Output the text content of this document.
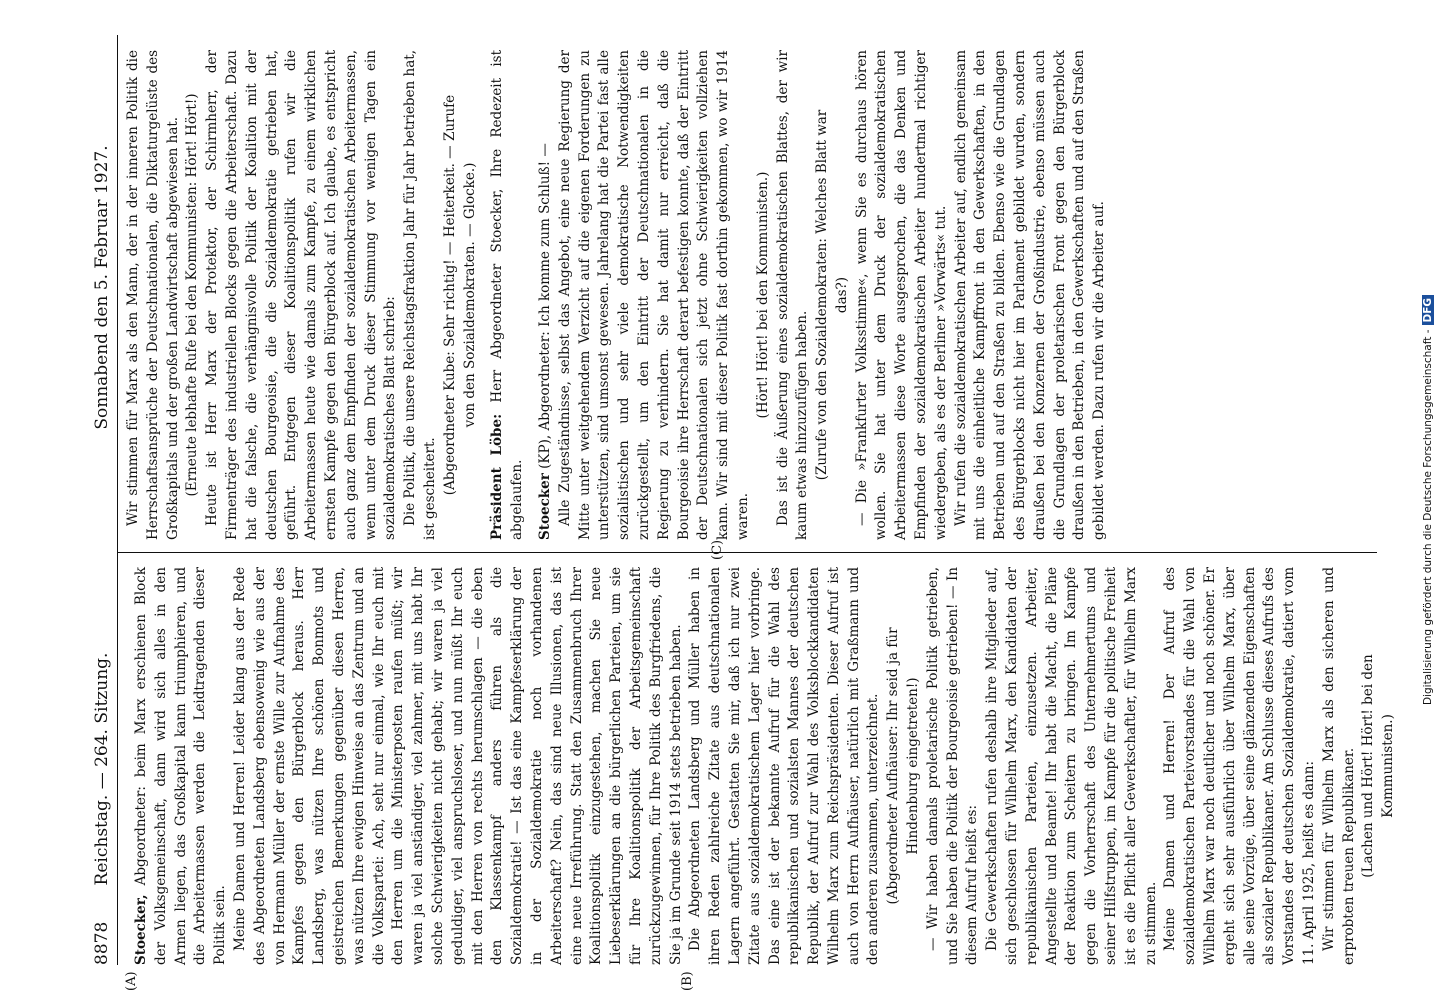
8878
Reichstag. — 264. Sitzung.
Sonnabend den 5. Februar 1927.
(A)	(B)
(C)

Stoecker, Abgeordneter: beim Marx erschienen Block der Volksgemeinschaft, dann wird sich alles in den Armen liegen, das Großkapital kann triumphieren, und die Arbeitermassen werden die Leidtragenden dieser Politik sein. Meine Damen und Herren! Leider klang aus der Rede des Abgeordneten Landsberg ebensowenig wie aus der von Hermann Müller der ernste Wille zur Aufnahme des Kampfes gegen den Bürgerblock heraus. Herr Landsberg, was nützen Ihre schönen Bonmots und geistreichen Bemerkungen gegenüber diesen Herren, was nützen Ihre ewigen Hinweise an das Zentrum und an die Volkspartei: Ach, seht nur einmal, wie Ihr euch mit den Herren um die Ministerposten raufen müßt; wir waren ja viel anständiger, viel zahmer, mit uns habt Ihr solche Schwierigkeiten nicht gehabt; wir waren ja viel geduldiger, viel anspruchsloser, und nun müßt Ihr euch mit den Herren von rechts herumschlagen — die eben den Klassenkampf anders führen als die Sozialdemokratie! — Ist das eine Kampfeserklärung der in der Sozialdemokratie noch vorhandenen Arbeiterschaft? Nein, das sind neue Illusionen, das ist eine neue Irreführung. Statt den Zusammenbruch Ihrer Koalitionspolitik einzugestehen, machen Sie neue Liebeserklärungen an die bürgerlichen Parteien, um sie für Ihre Koalitionspolitik der Arbeitsgemeinschaft zurückzugewinnen, für Ihre Politik des Burgfriedens, die Sie ja im Grunde seit 1914 stets betrieben haben. Die Abgeordneten Landsberg und Müller haben in ihren Reden zahlreiche Zitate aus deutschnationalen Lagern angeführt. Gestatten Sie mir, daß ich nur zwei Zitate aus sozialdemokratischem Lager hier vorbringe. Das eine ist der bekannte Aufruf für die Wahl des republikanischen und sozialsten Mannes der deutschen Republik, der Aufruf zur Wahl des Volksblockkandidaten Wilhelm Marx zum Reichspräsidenten. Dieser Aufruf ist auch von Herrn Aufhäuser, natürlich mit Graßmann und den anderen zusammen, unterzeichnet. (Abgeordneter Aufhäuser: Ihr seid ja für Hindenburg eingetreten!) — Wir haben damals proletarische Politik getrieben, und Sie haben die Politik der Bourgeoisie getrieben! — In diesem Aufruf heißt es: Die Gewerkschaften rufen deshalb ihre Mitglieder auf, sich geschlossen für Wilhelm Marx, den Kandidaten der republikanischen Parteien, einzusetzen. Arbeiter, Angestellte und Beamte! Ihr habt die Macht, die Pläne der Reaktion zum Scheitern zu bringen. Im Kampfe gegen die Vorherrschaft des Unternehmertums und seiner Hilfstruppen, im Kampfe für die politische Freiheit ist es die Pflicht aller Gewerkschaftler, für Wilhelm Marx zu stimmen. Meine Damen und Herren! Der Aufruf des sozialdemokratischen Parteivorstandes für die Wahl von Wilhelm Marx war noch deutlicher und noch schöner. Er ergeht sich sehr ausführlich über Wilhelm Marx, über alle seine Vorzüge, über seine glänzenden Eigenschaften als sozialer Republikaner. Am Schlusse dieses Aufrufs des Vorstandes der deutschen Sozialdemokratie, datiert vom 11. April 1925, heißt es dann: Wir stimmen für Wilhelm Marx als den sicheren und erprobten treuen Republikaner. (Lachen und Hört! Hört! bei den Kommunisten.)

Wir stimmen für Marx als den Mann, der in der inneren Politik die Herrschaftsansprüche der Deutschnationalen, die Diktaturgelüste des Großkapitals und der großen Landwirtschaft abgewiesen hat. (Erneute lebhafte Rufe bei den Kommunisten: Hört! Hört!) Heute ist Herr Marx der Protektor, der Schirmherr, der Firmenträger des industriellen Blocks gegen die Arbeiterschaft. Dazu hat die falsche, die verhängnisvolle Politik der Koalition mit der deutschen Bourgeoisie, die die Sozialdemokratie getrieben hat, geführt. Entgegen dieser Koalitionspolitik rufen wir die Arbeitermassen heute wie damals zum Kampfe, zu einem wirklichen ernsten Kampfe gegen den Bürgerblock auf. Ich glaube, es entspricht auch ganz dem Empfinden der sozialdemokratischen Arbeitermassen, wenn unter dem Druck dieser Stimmung vor wenigen Tagen ein sozialdemokratisches Blatt schrieb: Die Politik, die unsere Reichstagsfraktion Jahr für Jahr betrieben hat, ist gescheitert. (Abgeordneter Kube: Sehr richtig! — Heiterkeit. — Zurufe von den Sozialdemokraten. — Glocke.)

Präsident Löbe: Herr Abgeordneter Stoecker, Ihre Redezeit ist abgelaufen. Stoecker (KP), Abgeordneter: Ich komme zum Schluß! — Alle Zugeständnisse, selbst das Angebot, eine neue Regierung der Mitte unter weitgehendem Verzicht auf die eigenen Forderungen zu unterstützen, sind umsonst gewesen. Jahrelang hat die Partei fast alle sozialistischen und sehr viele demokratische Notwendigkeiten zurückgestellt, um den Eintritt der Deutschnationalen in die Regierung zu verhindern. Sie hat damit nur erreicht, daß die Bourgeoisie ihre Herrschaft derart befestigen konnte, daß der Eintritt der Deutschnationalen sich jetzt ohne Schwierigkeiten vollziehen kann. Wir sind mit dieser Politik fast dorthin gekommen, wo wir 1914 waren.

(Hört! Hört! bei den Kommunisten.) Das ist die Äußerung eines sozialdemokratischen Blattes, der wir kaum etwas hinzuzufügen haben. (Zurufe von den Sozialdemokraten: Welches Blatt war das?) — Die »Frankfurter Volksstimme«, wenn Sie es durchaus hören wollen. Sie hat unter dem Druck der sozialdemokratischen Arbeitermassen diese Worte ausgesprochen, die das Denken und Empfinden der sozialdemokratischen Arbeiter hundertmal richtiger wiedergeben, als es der Berliner »Vorwärts« tut. Wir rufen die sozialdemokratischen Arbeiter auf, endlich gemeinsam mit uns die einheitliche Kampffront in den Gewerkschaften, in den Betrieben und auf den Straßen zu bilden. Ebenso wie die Grundlagen des Bürgerblocks nicht hier im Parlament gebildet wurden, sondern draußen bei den Konzernen der Großindustrie, ebenso müssen auch die Grundlagen der proletarischen Front gegen den Bürgerblock draußen in den Betrieben, in den Gewerkschaften und auf den Straßen gebildet werden. Dazu rufen wir die Arbeiter auf.	Digitalisierung gefördert durch die Deutsche Forschungsgemeinschaft -DFG
